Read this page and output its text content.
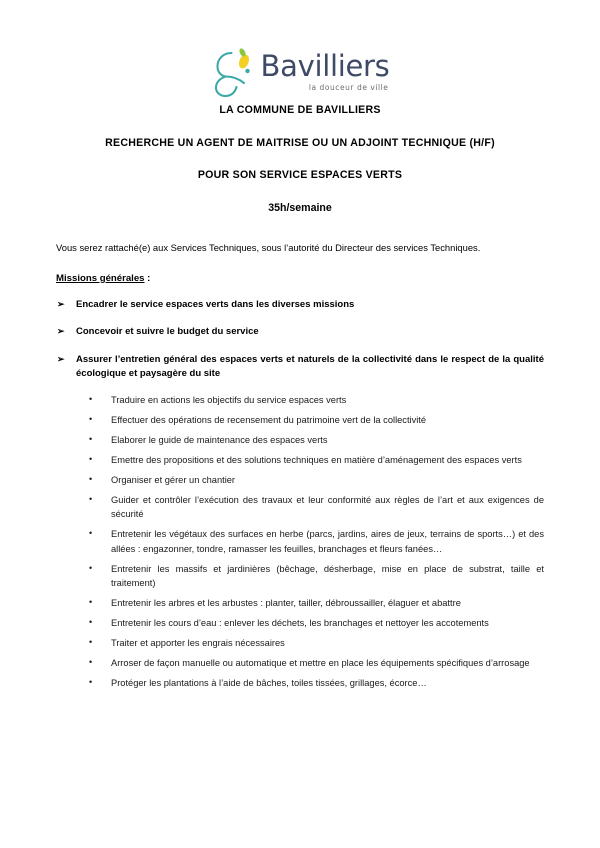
Bavilliers
la douceur de ville

LA COMMUNE DE BAVILLIERS

RECHERCHE UN AGENT DE MAITRISE OU UN ADJOINT TECHNIQUE (H/F)

POUR SON SERVICE ESPACES VERTS

35h/semaine

Vous serez rattaché(e) aux Services Techniques, sous l’autorité du Directeur des services Techniques.

Missions générales :

➢ Encadrer le service espaces verts dans les diverses missions
➢ Concevoir et suivre le budget du service
➢ Assurer l’entretien général des espaces verts et naturels de la collectivité dans le respect de la qualité écologique et paysagère du site
• Traduire en actions les objectifs du service espaces verts
• Effectuer des opérations de recensement du patrimoine vert de la collectivité
• Elaborer le guide de maintenance des espaces verts
• Emettre des propositions et des solutions techniques en matière d’aménagement des espaces verts
• Organiser et gérer un chantier
• Guider et contrôler l’exécution des travaux et leur conformité aux règles de l’art et aux exigences de sécurité
• Entretenir les végétaux des surfaces en herbe (parcs, jardins, aires de jeux, terrains de sports…) et des allées : engazonner, tondre, ramasser les feuilles, branchages et fleurs fanées…
• Entretenir les massifs et jardinières (bêchage, désherbage, mise en place de substrat, taille et traitement)
• Entretenir les arbres et les arbustes : planter, tailler, débroussailler, élaguer et abattre
• Entretenir les cours d’eau : enlever les déchets, les branchages et nettoyer les accotements
• Traiter et apporter les engrais nécessaires
• Arroser de façon manuelle ou automatique et mettre en place les équipements spécifiques d’arrosage
• Protéger les plantations à l’aide de bâches, toiles tissées, grillages, écorce…
